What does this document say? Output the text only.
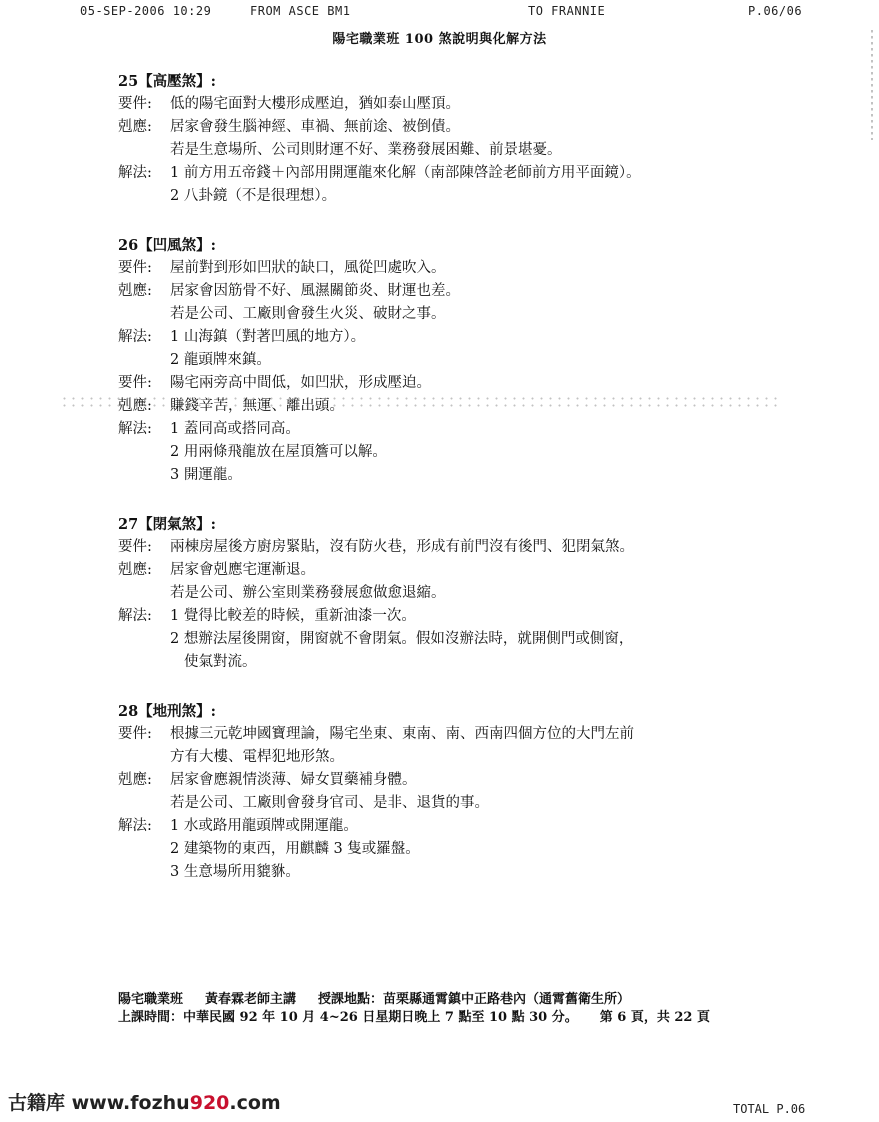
05-SEP-2006 10:29	FROM ASCE BM1	TO FRANNIE	P.06/06
陽宅職業班 100 煞說明與化解方法
25【高壓煞】:
要件: 低的陽宅面對大樓形成壓迫，猶如泰山壓頂。
剋應: 居家會發生腦神經、車禍、無前途、被倒債。
若是生意場所、公司則財運不好、業務發展困難、前景堪憂。
解法: 1 前方用五帝錢＋內部用開運龍來化解（南部陳啓詮老師前方用平面鏡）。
2 八卦鏡（不是很理想）。
26【凹風煞】:
要件: 屋前對到形如凹狀的缺口，風從凹處吹入。
剋應: 居家會因筋骨不好、風濕關節炎、財運也差。
若是公司、工廠則會發生火災、破財之事。
解法: 1 山海鎮（對著凹風的地方）。
2 龍頭牌來鎮。
要件: 陽宅兩旁高中間低，如凹狀，形成壓迫。
剋應: 賺錢辛苦，無運、離出頭。
解法: 1 蓋同高或搭同高。
2 用兩條飛龍放在屋頂簷可以解。
3 開運龍。
27【閉氣煞】:
要件: 兩棟房屋後方廚房緊貼，沒有防火巷，形成有前門沒有後門、犯閉氣煞。
剋應: 居家會剋應宅運漸退。
若是公司、辦公室則業務發展愈做愈退縮。
解法: 1 覺得比較差的時候，重新油漆一次。
2 想辦法屋後開窗，開窗就不會閉氣。假如沒辦法時，就開側門或側窗，
使氣對流。
28【地刑煞】:
要件: 根據三元乾坤國寶理論，陽宅坐東、東南、南、西南四個方位的大門左前
方有大樓、電桿犯地形煞。
剋應: 居家會應親情淡薄、婦女買藥補身體。
若是公司、工廠則會發身官司、是非、退貨的事。
解法: 1 水或路用龍頭牌或開運龍。
2 建築物的東西，用麒麟 3 隻或羅盤。
3 生意場所用貔貅。
陽宅職業班 黃春霖老師主講 授課地點：苗栗縣通霄鎮中正路巷內（通霄舊衛生所）
上課時間：中華民國 92 年 10 月 4~26 日星期日晚上 7 點至 10 點 30 分。 第 6 頁，共 22 頁
古籍库 www.fozhu920.com	TOTAL P.06
